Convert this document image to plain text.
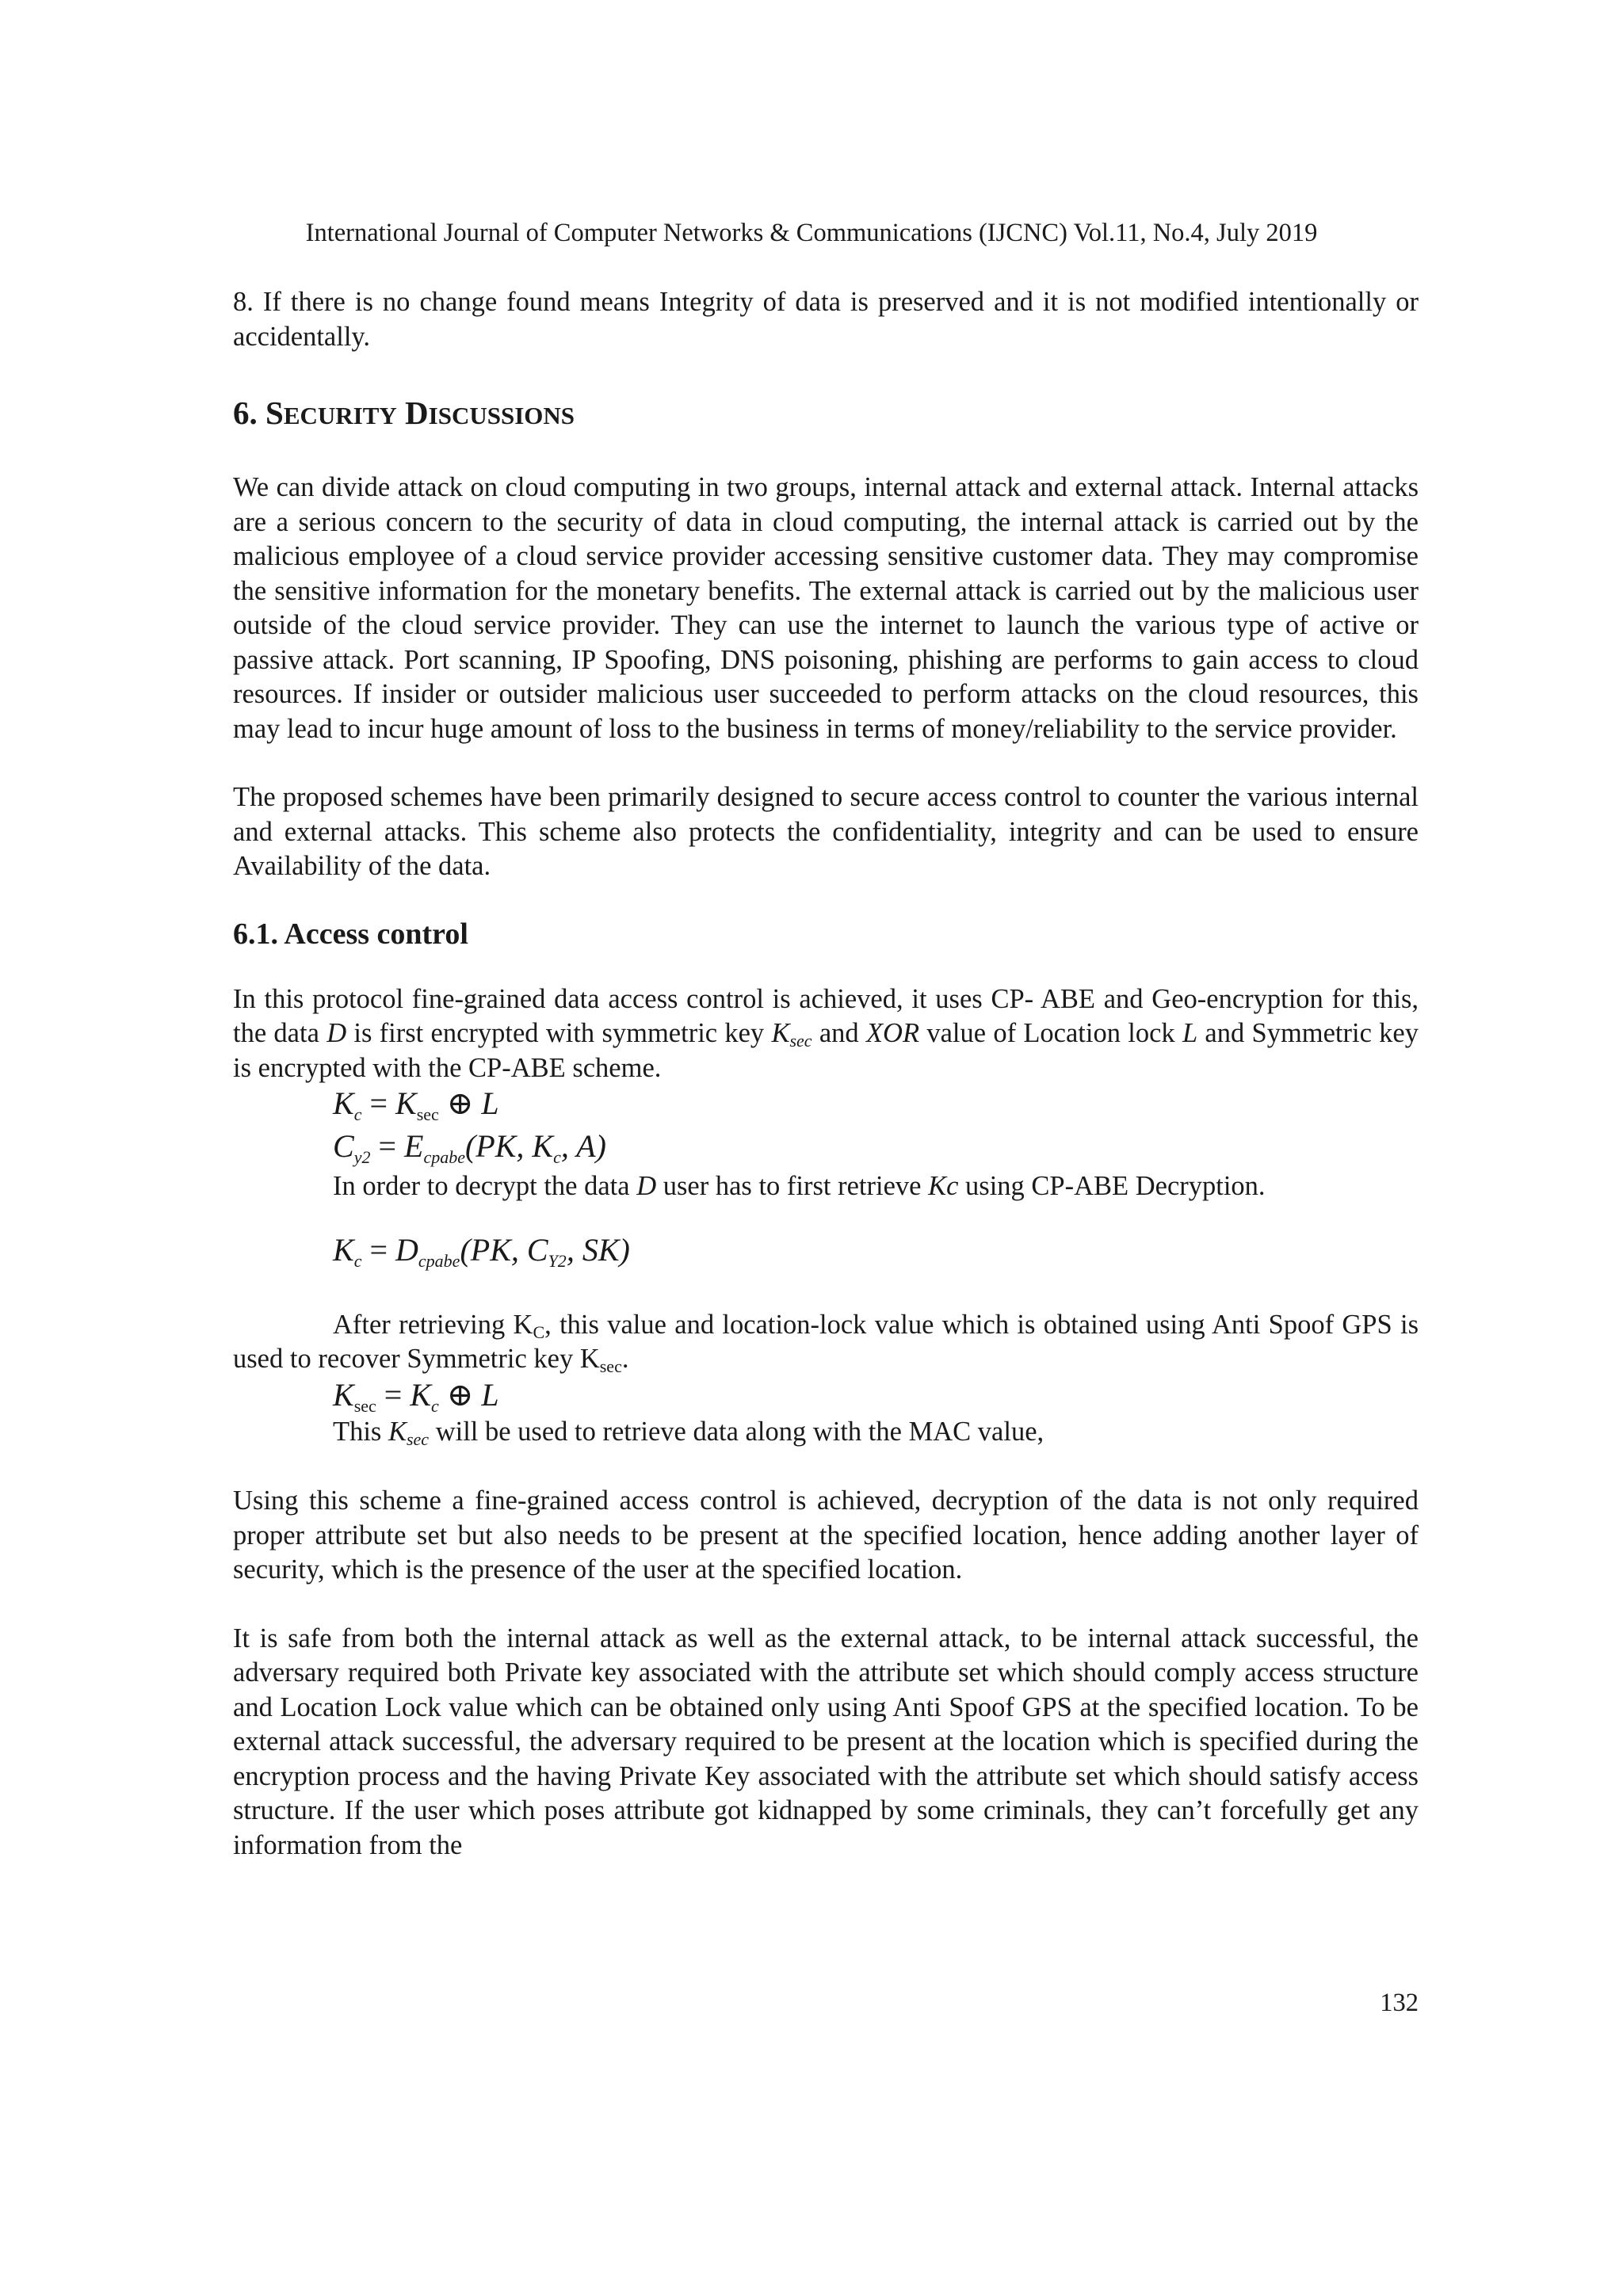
International Journal of Computer Networks & Communications (IJCNC) Vol.11, No.4, July 2019

8. If there is no change found means Integrity of data is preserved and it is not modified intentionally or accidentally.

6. SECURITY DISCUSSIONS

We can divide attack on cloud computing in two groups, internal attack and external attack. Internal attacks are a serious concern to the security of data in cloud computing, the internal attack is carried out by the malicious employee of a cloud service provider accessing sensitive customer data. They may compromise the sensitive information for the monetary benefits. The external attack is carried out by the malicious user outside of the cloud service provider. They can use the internet to launch the various type of active or passive attack. Port scanning, IP Spoofing, DNS poisoning, phishing are performs to gain access to cloud resources. If insider or outsider malicious user succeeded to perform attacks on the cloud resources, this may lead to incur huge amount of loss to the business in terms of money/reliability to the service provider.

The proposed schemes have been primarily designed to secure access control to counter the various internal and external attacks. This scheme also protects the confidentiality, integrity and can be used to ensure Availability of the data.

6.1. Access control

In this protocol fine-grained data access control is achieved, it uses CP- ABE and Geo-encryption for this, the data D is first encrypted with symmetric key Ksec and XOR value of Location lock L and Symmetric key is encrypted with the CP-ABE scheme.

$K_c = K_{sec}$ ⊕ L
$C_{y2} = E_{cpabe}(PK$, $K_c$, A)

In order to decrypt the data D user has to first retrieve Kc using CP-ABE Decryption.

$K_c = D_{cpabe}(PK$, $C_{Y2}$, SK)

After retrieving KC, this value and location-lock value which is obtained using Anti Spoof GPS is used to recover Symmetric key Ksec.

$K_{sec} = K_c$ ⊕ L

This Ksec will be used to retrieve data along with the MAC value,

Using this scheme a fine-grained access control is achieved, decryption of the data is not only required proper attribute set but also needs to be present at the specified location, hence adding another layer of security, which is the presence of the user at the specified location.

It is safe from both the internal attack as well as the external attack, to be internal attack successful, the adversary required both Private key associated with the attribute set which should comply access structure and Location Lock value which can be obtained only using Anti Spoof GPS at the specified location. To be external attack successful, the adversary required to be present at the location which is specified during the encryption process and the having Private Key associated with the attribute set which should satisfy access structure. If the user which poses attribute got kidnapped by some criminals, they can’t forcefully get any information from the

132
